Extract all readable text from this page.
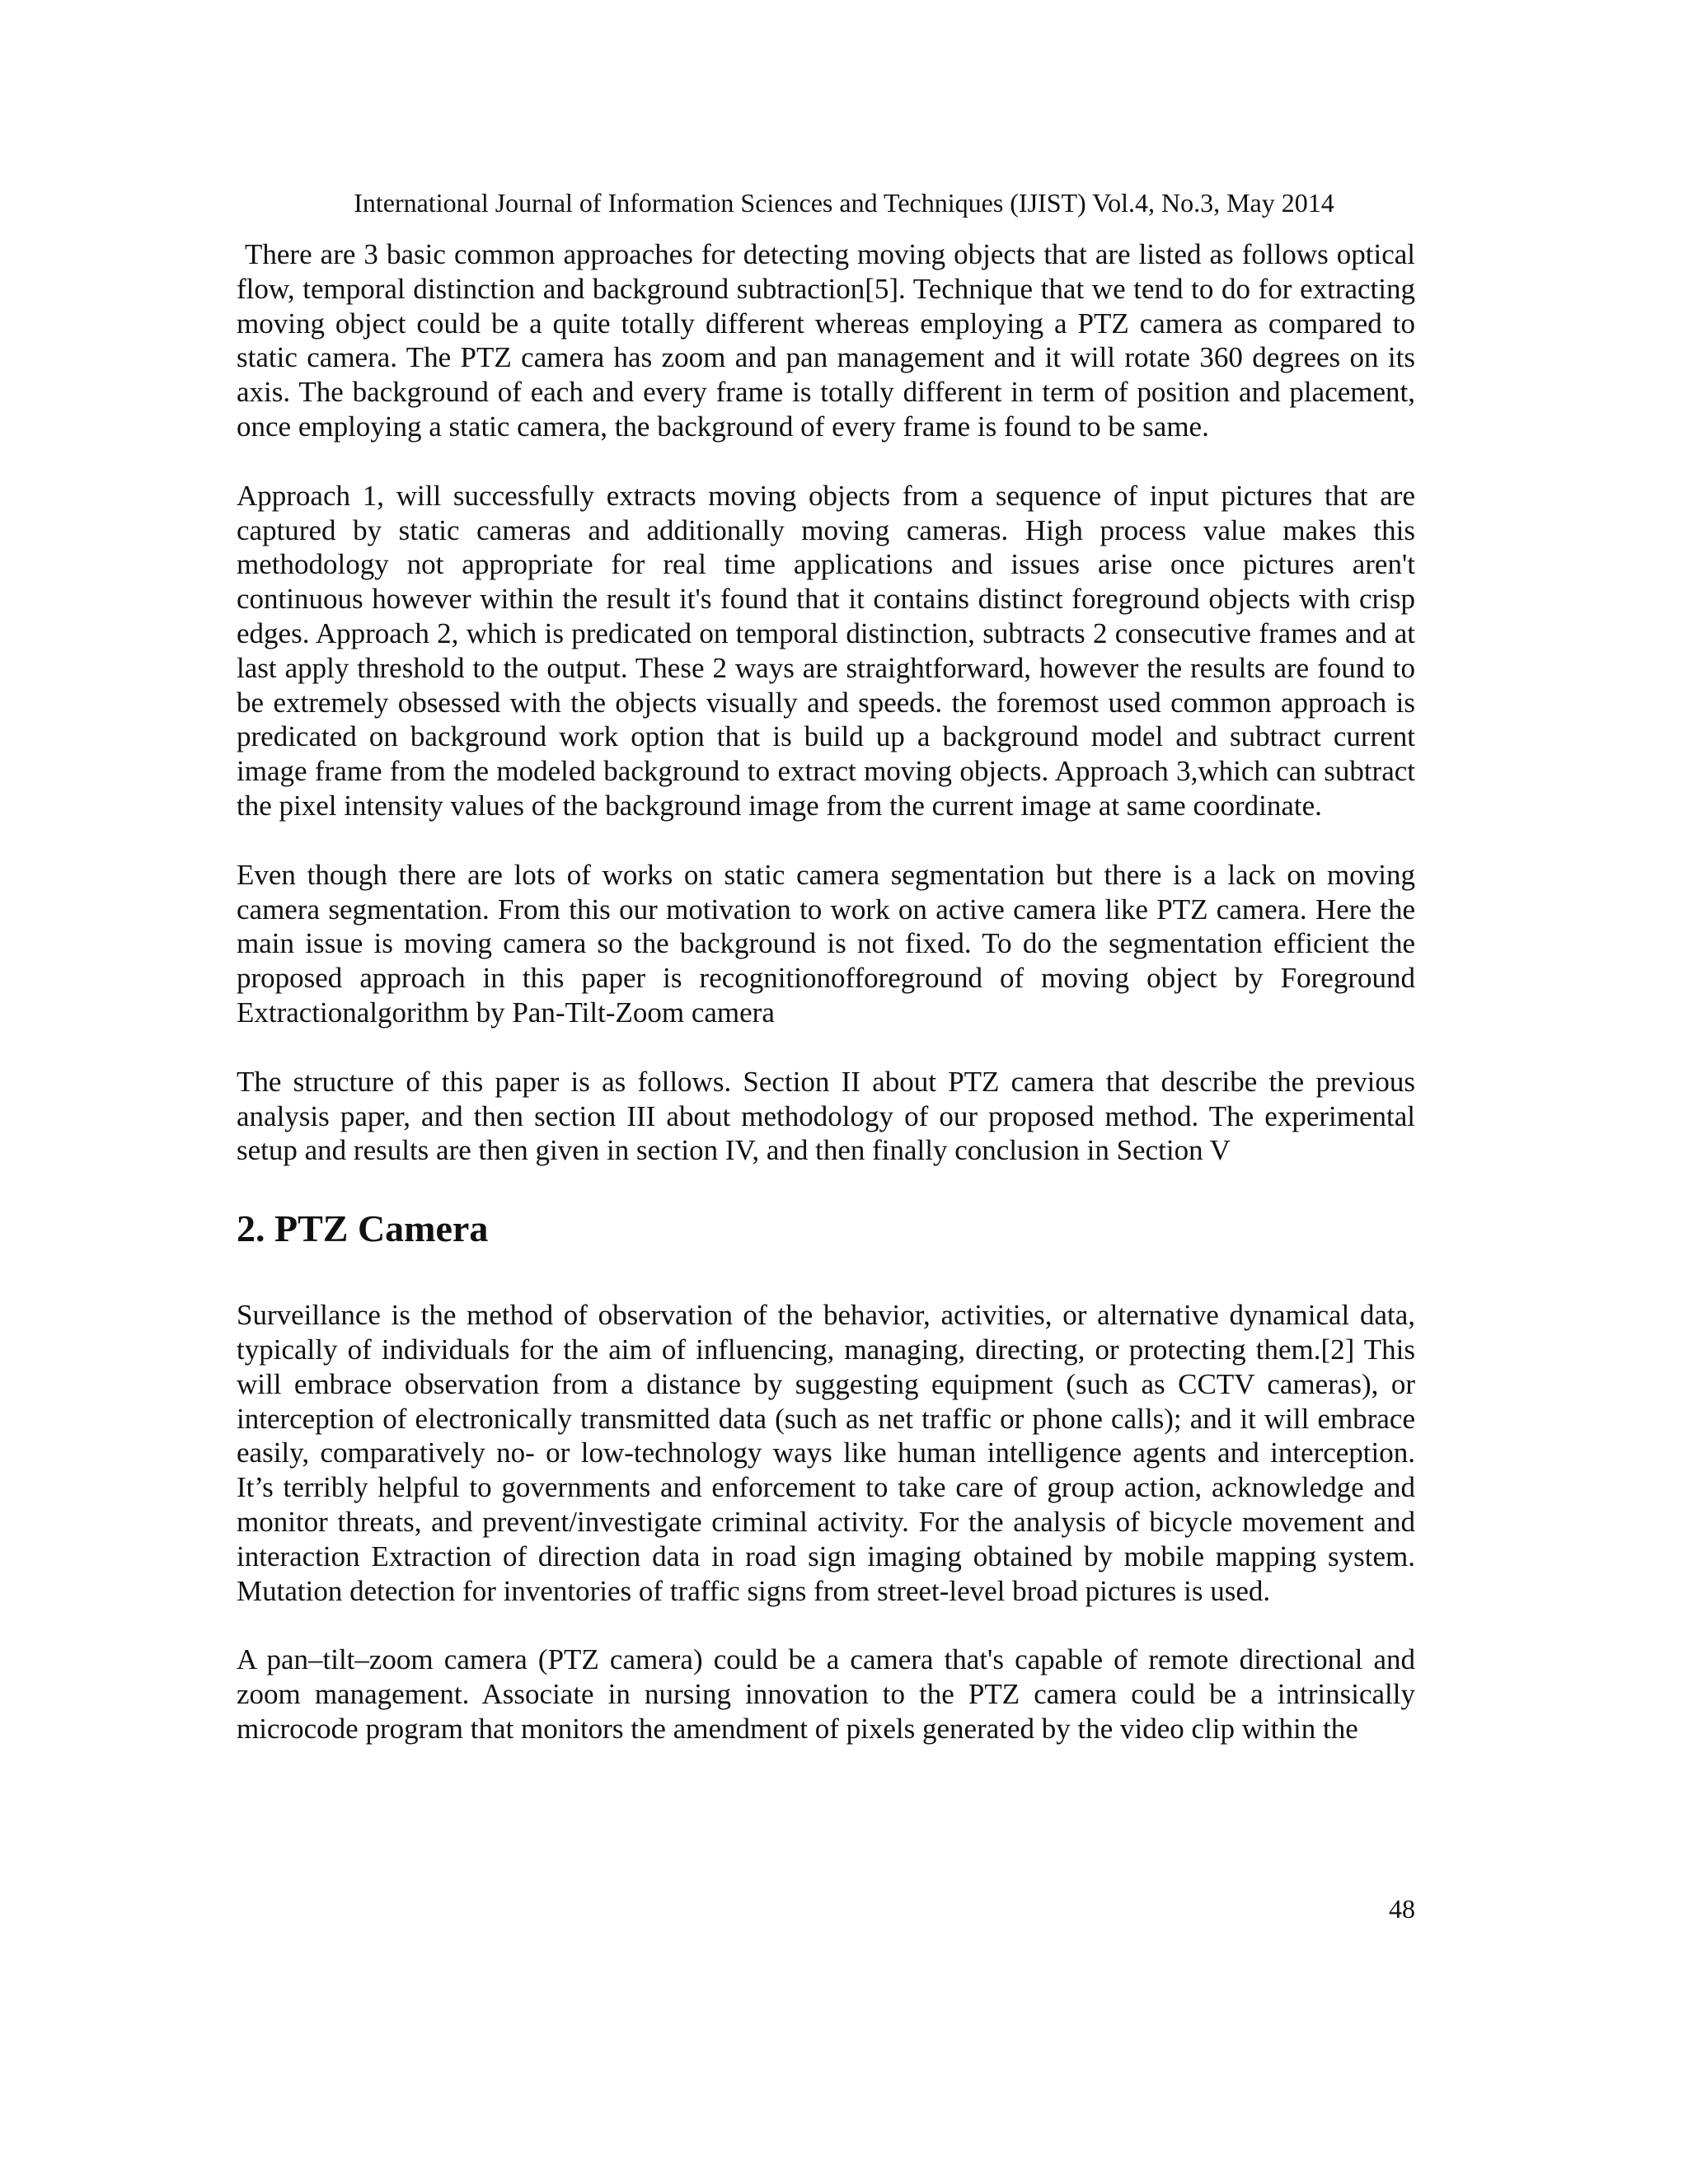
International Journal of Information Sciences and Techniques (IJIST) Vol.4, No.3, May 2014

There are 3 basic common approaches for detecting moving objects that are listed as follows optical flow, temporal distinction and background subtraction[5]. Technique that we tend to do for extracting moving object could be a quite totally different whereas employing a PTZ camera as compared to static camera. The PTZ camera has zoom and pan management and it will rotate 360 degrees on its axis. The background of each and every frame is totally different in term of position and placement, once employing a static camera, the background of every frame is found to be same.

Approach 1, will successfully extracts moving objects from a sequence of input pictures that are captured by static cameras and additionally moving cameras. High process value makes this methodology not appropriate for real time applications and issues arise once pictures aren't continuous however within the result it's found that it contains distinct foreground objects with crisp edges. Approach 2, which is predicated on temporal distinction, subtracts 2 consecutive frames and at last apply threshold to the output. These 2 ways are straightforward, however the results are found to be extremely obsessed with the objects visually and speeds. the foremost used common approach is predicated on background work option that is build up a background model and subtract current image frame from the modeled background to extract moving objects. Approach 3,which can subtract the pixel intensity values of the background image from the current image at same coordinate.

Even though there are lots of works on static camera segmentation but there is a lack on moving camera segmentation. From this our motivation to work on active camera like PTZ camera. Here the main issue is moving camera so the background is not fixed. To do the segmentation efficient the proposed approach in this paper is recognitionofforeground of moving object by Foreground Extractionalgorithm by Pan-Tilt-Zoom camera

The structure of this paper is as follows. Section II about PTZ camera that describe the previous analysis paper, and then section III about methodology of our proposed method. The experimental setup and results are then given in section IV, and then finally conclusion in Section V

2. PTZ Camera

Surveillance is the method of observation of the behavior, activities, or alternative dynamical data, typically of individuals for the aim of influencing, managing, directing, or protecting them.[2] This will embrace observation from a distance by suggesting equipment (such as CCTV cameras), or interception of electronically transmitted data (such as net traffic or phone calls); and it will embrace easily, comparatively no- or low-technology ways like human intelligence agents and interception. It’s terribly helpful to governments and enforcement to take care of group action, acknowledge and monitor threats, and prevent/investigate criminal activity. For the analysis of bicycle movement and interaction Extraction of direction data in road sign imaging obtained by mobile mapping system. Mutation detection for inventories of traffic signs from street-level broad pictures is used.

A pan–tilt–zoom camera (PTZ camera) could be a camera that's capable of remote directional and zoom management. Associate in nursing innovation to the PTZ camera could be a intrinsically microcode program that monitors the amendment of pixels generated by the video clip within the

48
